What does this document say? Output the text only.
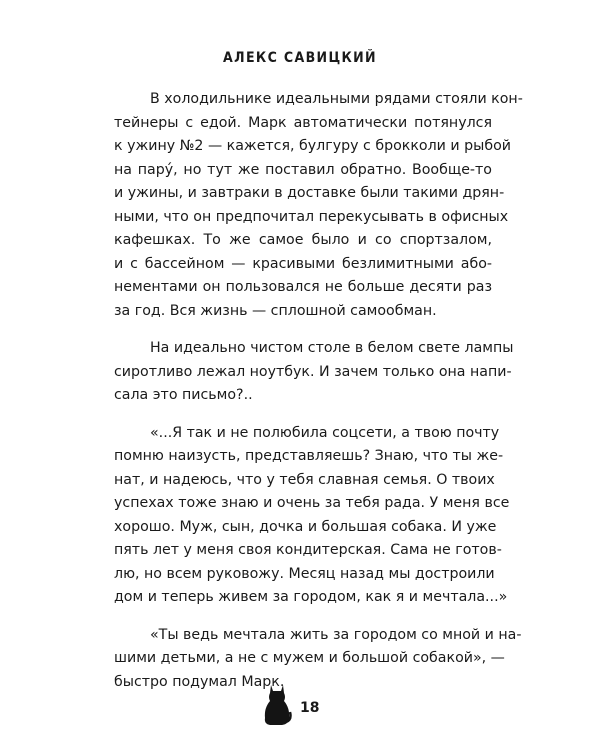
АЛЕКС САВИЦКИЙ
В холодильнике идеальными рядами стояли кон-
тейнеры с едой. Марк автоматически потянулся
к ужину №2 — кажется, булгуру с брокколи и рыбой
на пару́, но тут же поставил обратно. Вообще-то
и ужины, и завтраки в доставке были такими дрян-
ными, что он предпочитал перекусывать в офисных
кафешках. То же самое было и со спортзалом,
и с бассейном — красивыми безлимитными або-
нементами он пользовался не больше десяти раз
за год. Вся жизнь — сплошной самообман.
На идеально чистом столе в белом свете лампы
сиротливо лежал ноутбук. И зачем только она напи-
сала это письмо?..
«...Я так и не полюбила соцсети, а твою почту
помню наизусть, представляешь? Знаю, что ты же-
нат, и надеюсь, что у тебя славная семья. О твоих
успехах тоже знаю и очень за тебя рада. У меня все
хорошо. Муж, сын, дочка и большая собака. И уже
пять лет у меня своя кондитерская. Сама не готов-
лю, но всем руковожу. Месяц назад мы достроили
дом и теперь живем за городом, как я и мечтала...»
«Ты ведь мечтала жить за городом со мной и на-
шими детьми, а не с мужем и большой собакой», —
быстро подумал Марк.
18
